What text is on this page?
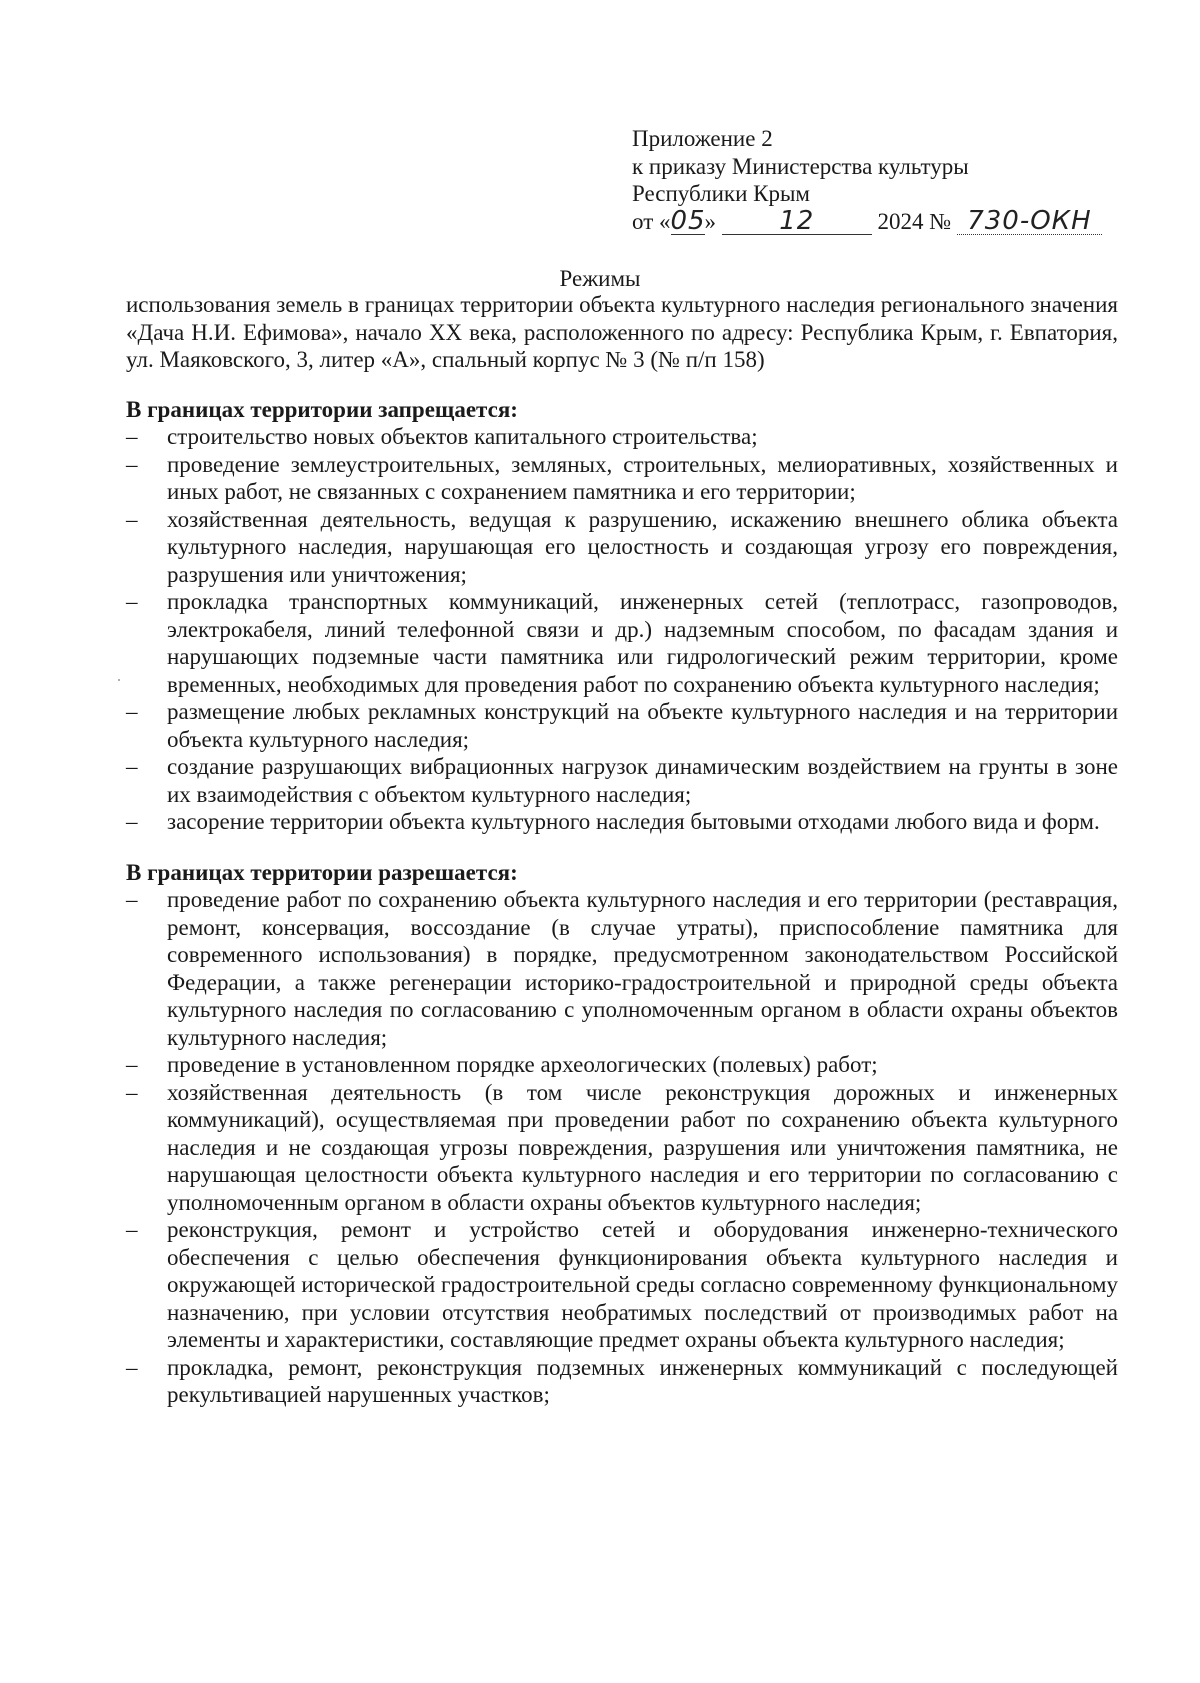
Приложение 2
к приказу Министерства культуры
Республики Крым
от «05» 12	2024 № 730-ОКН
Режимы

использования земель в границах территории объекта культурного наследия регионального значения «Дача Н.И. Ефимова», начало XX века, расположенного по адресу: Республика Крым, г. Евпатория, ул. Маяковского, 3, литер «А», спальный корпус № 3 (№ п/п 158)

В границах территории запрещается:

– строительство новых объектов капитального строительства;
– проведение землеустроительных, земляных, строительных, мелиоративных, хозяйственных и иных работ, не связанных с сохранением памятника и его территории;
– хозяйственная деятельность, ведущая к разрушению, искажению внешнего облика объекта культурного наследия, нарушающая его целостность и создающая угрозу его повреждения, разрушения или уничтожения;
– прокладка транспортных коммуникаций, инженерных сетей (теплотрасс, газопроводов, электрокабеля, линий телефонной связи и др.) надземным способом, по фасадам здания и нарушающих подземные части памятника или гидрологический режим территории, кроме временных, необходимых для проведения работ по сохранению объекта культурного наследия;
– размещение любых рекламных конструкций на объекте культурного наследия и на территории объекта культурного наследия;
– создание разрушающих вибрационных нагрузок динамическим воздействием на грунты в зоне их взаимодействия с объектом культурного наследия;
– засорение территории объекта культурного наследия бытовыми отходами любого вида и форм.

В границах территории разрешается:

– проведение работ по сохранению объекта культурного наследия и его территории (реставрация, ремонт, консервация, воссоздание (в случае утраты), приспособление памятника для современного использования) в порядке, предусмотренном законодательством Российской Федерации, а также регенерации историко-градостроительной и природной среды объекта культурного наследия по согласованию с уполномоченным органом в области охраны объектов культурного наследия;
– проведение в установленном порядке археологических (полевых) работ;
– хозяйственная деятельность (в том числе реконструкция дорожных и инженерных коммуникаций), осуществляемая при проведении работ по сохранению объекта культурного наследия и не создающая угрозы повреждения, разрушения или уничтожения памятника, не нарушающая целостности объекта культурного наследия и его территории по согласованию с уполномоченным органом в области охраны объектов культурного наследия;
– реконструкция, ремонт и устройство сетей и оборудования инженерно-технического обеспечения с целью обеспечения функционирования объекта культурного наследия и окружающей исторической градостроительной среды согласно современному функциональному назначению, при условии отсутствия необратимых последствий от производимых работ на элементы и характеристики, составляющие предмет охраны объекта культурного наследия;
– прокладка, ремонт, реконструкция подземных инженерных коммуникаций с последующей рекультивацией нарушенных участков;
